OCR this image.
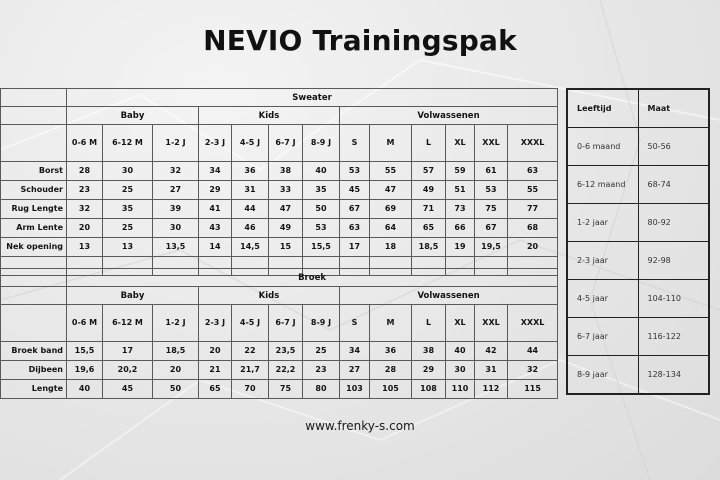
NEVIO Trainingspak
	Sweater												
	Baby			Kids				Volwassenen					
	0-6 M	6-12 M	1-2 J	2-3 J	4-5 J	6-7 J	8-9 J	S	M	L	XL	XXL	XXXL
Borst	28	30	32	34	36	38	40	53	55	57	59	61	63
Schouder	23	25	27	29	31	33	35	45	47	49	51	53	55
Rug Lengte	32	35	39	41	44	47	50	67	69	71	73	75	77
Arm Lente	20	25	30	43	46	49	53	63	64	65	66	67	68
Nek opening	13	13	13,5	14	14,5	15	15,5	17	18	18,5	19	19,5	20

	Broek												
	Baby			Kids				Volwassenen					
	0-6 M	6-12 M	1-2 J	2-3 J	4-5 J	6-7 J	8-9 J	S	M	L	XL	XXL	XXXL
Broek band	15,5	17	18,5	20	22	23,5	25	34	36	38	40	42	44
Dijbeen	19,6	20,2	20	21	21,7	22,2	23	27	28	29	30	31	32
Lengte	40	45	50	65	70	75	80	103	105	108	110	112	115
Leeftijd	Maat
0-6 maand	50-56
6-12 maand	68-74
1-2 jaar	80-92
2-3 jaar	92-98
4-5 jaar	104-110
6-7 jaar	116-122
8-9 jaar	128-134
www.frenky-s.com
